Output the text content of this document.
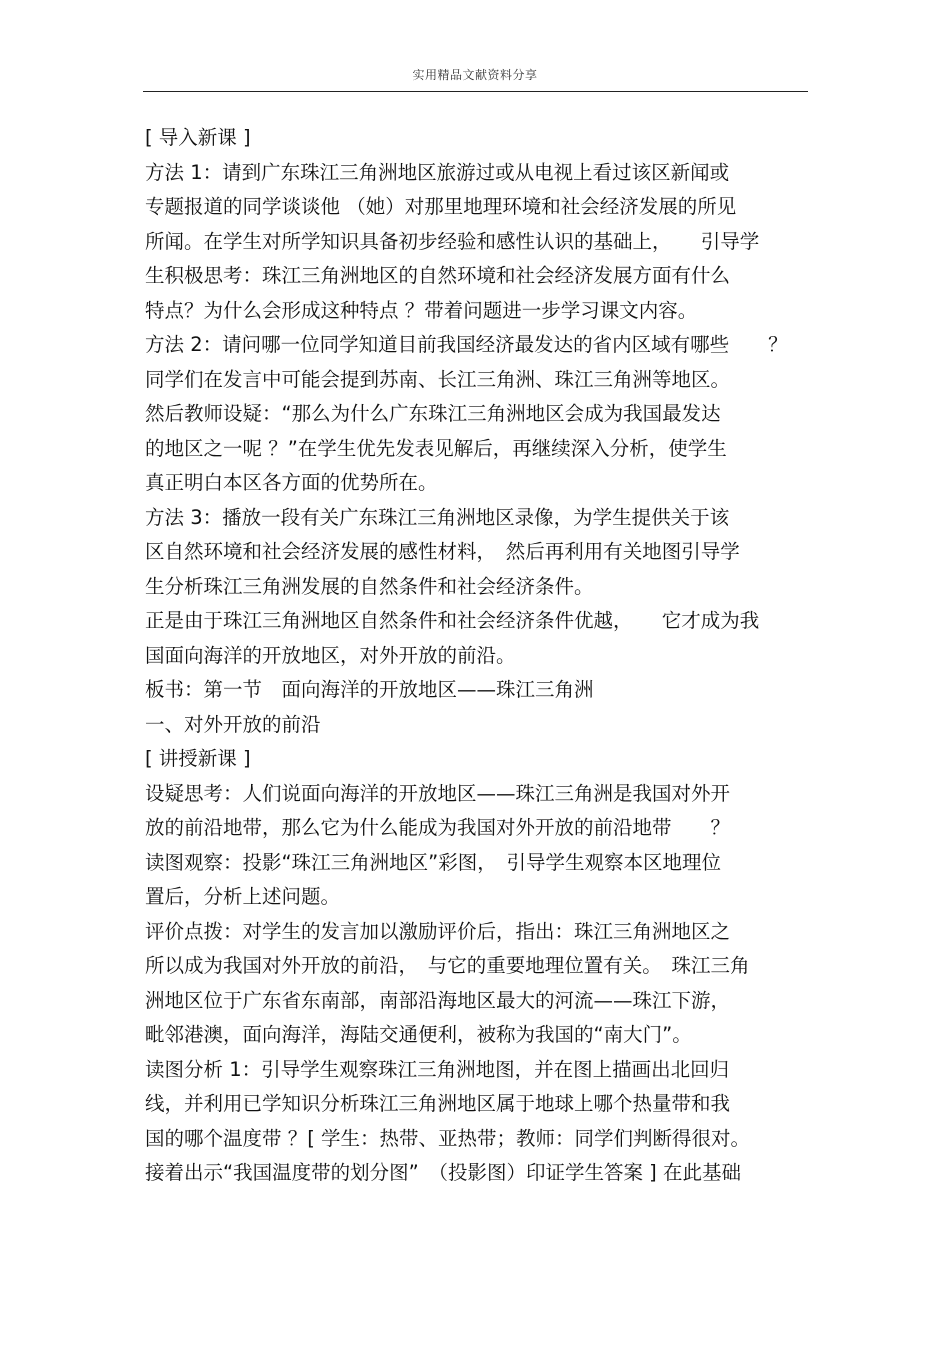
实用精品文献资料分享
[ 导入新课 ]
方法 1：请到广东珠江三角洲地区旅游过或从电视上看过该区新闻或
专题报道的同学谈谈他 （她）对那里地理环境和社会经济发展的所见
所闻。在学生对所学知识具备初步经验和感性认识的基础上，　　引导学
生积极思考：珠江三角洲地区的自然环境和社会经济发展方面有什么
特点？为什么会形成这种特点 ？带着问题进一步学习课文内容。
方法 2：请问哪一位同学知道目前我国经济最发达的省内区域有哪些　　？
同学们在发言中可能会提到苏南、长江三角洲、珠江三角洲等地区。
然后教师设疑：“那么为什么广东珠江三角洲地区会成为我国最发达
的地区之一呢 ？”在学生优先发表见解后，再继续深入分析，使学生
真正明白本区各方面的优势所在。
方法 3：播放一段有关广东珠江三角洲地区录像，为学生提供关于该
区自然环境和社会经济发展的感性材料，　然后再利用有关地图引导学
生分析珠江三角洲发展的自然条件和社会经济条件。
正是由于珠江三角洲地区自然条件和社会经济条件优越，　　它才成为我
国面向海洋的开放地区，对外开放的前沿。
板书：第一节　面向海洋的开放地区——珠江三角洲
一、对外开放的前沿
[ 讲授新课 ]
设疑思考：人们说面向海洋的开放地区——珠江三角洲是我国对外开
放的前沿地带，那么它为什么能成为我国对外开放的前沿地带　　？
读图观察：投影“珠江三角洲地区”彩图，　引导学生观察本区地理位
置后，分析上述问题。
评价点拨：对学生的发言加以激励评价后，指出：珠江三角洲地区之
所以成为我国对外开放的前沿，　与它的重要地理位置有关。　珠江三角
洲地区位于广东省东南部，南部沿海地区最大的河流——珠江下游，
毗邻港澳，面向海洋，海陆交通便利，被称为我国的“南大门”。
读图分析 1：引导学生观察珠江三角洲地图，并在图上描画出北回归
线，并利用已学知识分析珠江三角洲地区属于地球上哪个热量带和我
国的哪个温度带 ？[ 学生：热带、亚热带；教师：同学们判断得很对。
接着出示“我国温度带的划分图”　（投影图）印证学生答案 ] 在此基础
